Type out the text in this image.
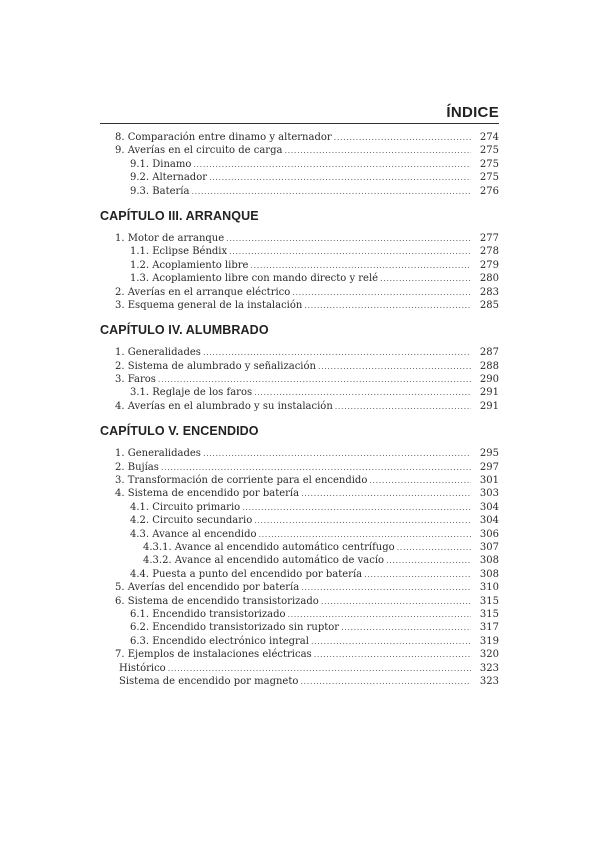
ÍNDICE
8. Comparación entre dinamo y alternador .....	274
9. Averías en el circuito de carga .....	275
9.1. Dinamo .....	275
9.2. Alternador .....	275
9.3. Batería .....	276
CAPÍTULO III. ARRANQUE
1. Motor de arranque .....	277
1.1. Eclipse Béndix .....	278
1.2. Acoplamiento libre .....	279
1.3. Acoplamiento libre con mando directo y relé .....	280
2. Averías en el arranque eléctrico .....	283
3. Esquema general de la instalación .....	285
CAPÍTULO IV. ALUMBRADO
1. Generalidades .....	287
2. Sistema de alumbrado y señalización .....	288
3. Faros .....	290
3.1. Reglaje de los faros .....	291
4. Averías en el alumbrado y su instalación .....	291
CAPÍTULO V. ENCENDIDO
1. Generalidades .....	295
2. Bujías .....	297
3. Transformación de corriente para el encendido .....	301
4. Sistema de encendido por batería .....	303
4.1. Circuito primario .....	304
4.2. Circuito secundario .....	304
4.3. Avance al encendido .....	306
4.3.1. Avance al encendido automático centrífugo .....	307
4.3.2. Avance al encendido automático de vacío .....	308
4.4. Puesta a punto del encendido por batería .....	308
5. Averías del encendido por batería .....	310
6. Sistema de encendido transistorizado .....	315
6.1. Encendido transistorizado .....	315
6.2. Encendido transistorizado sin ruptor .....	317
6.3. Encendido electrónico integral .....	319
7. Ejemplos de instalaciones eléctricas .....	320
Histórico .....	323
Sistema de encendido por magneto .....	323
